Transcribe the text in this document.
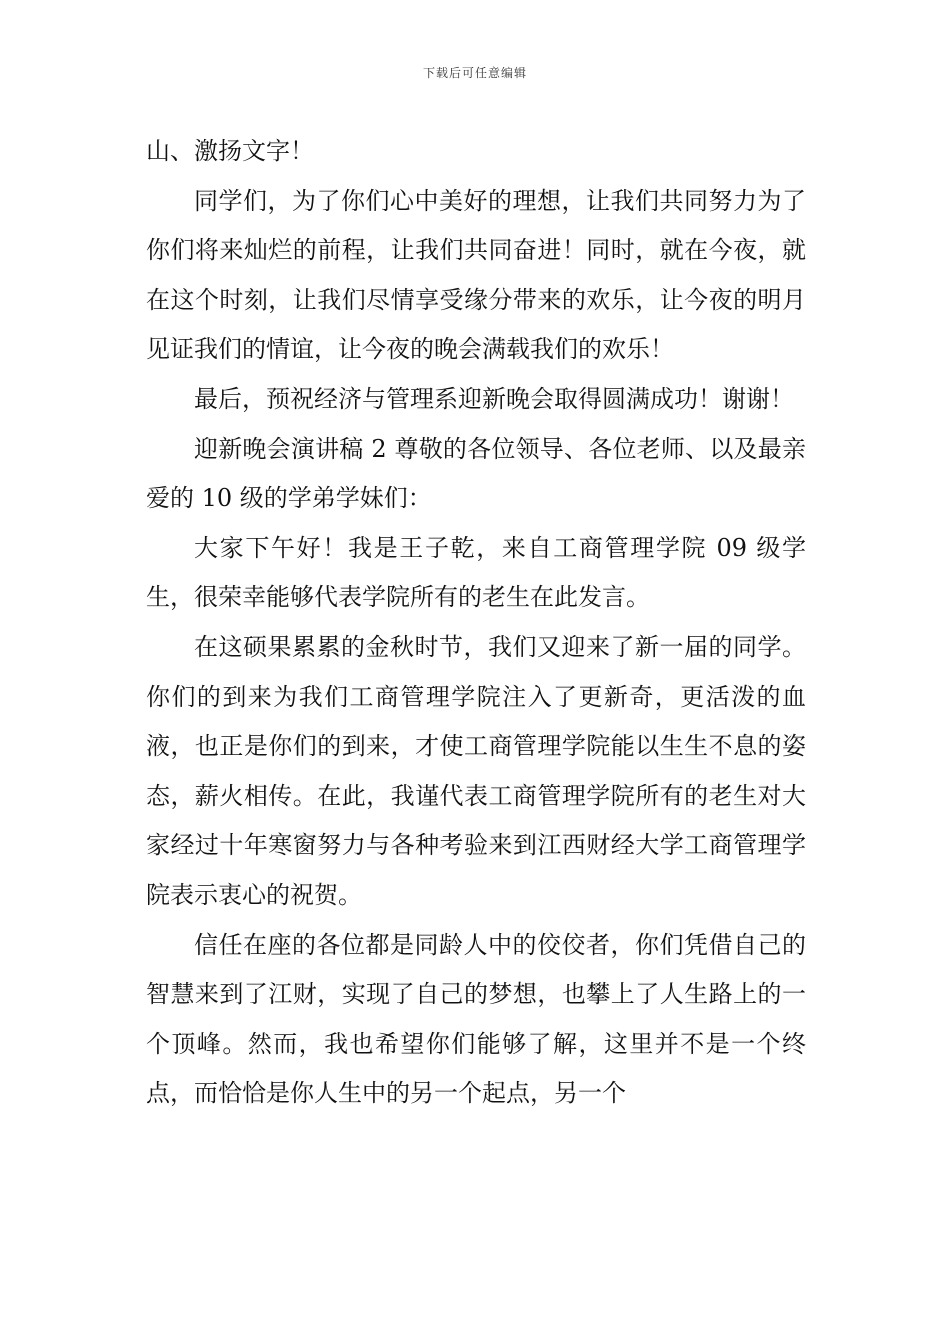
下载后可任意编辑

山、激扬文字！

同学们，为了你们心中美好的理想，让我们共同努力为了你们将来灿烂的前程，让我们共同奋进！同时，就在今夜，就在这个时刻，让我们尽情享受缘分带来的欢乐，让今夜的明月见证我们的情谊，让今夜的晚会满载我们的欢乐！

最后，预祝经济与管理系迎新晚会取得圆满成功！谢谢！

迎新晚会演讲稿 2 尊敬的各位领导、各位老师、以及最亲爱的 10 级的学弟学妹们：

大家下午好！我是王子乾，来自工商管理学院 09 级学生，很荣幸能够代表学院所有的老生在此发言。

在这硕果累累的金秋时节，我们又迎来了新一届的同学。你们的到来为我们工商管理学院注入了更新奇，更活泼的血液，也正是你们的到来，才使工商管理学院能以生生不息的姿态，薪火相传。在此，我谨代表工商管理学院所有的老生对大家经过十年寒窗努力与各种考验来到江西财经大学工商管理学院表示衷心的祝贺。

信任在座的各位都是同龄人中的佼佼者，你们凭借自己的智慧来到了江财，实现了自己的梦想，也攀上了人生路上的一个顶峰。然而，我也希望你们能够了解，这里并不是一个终点，而恰恰是你人生中的另一个起点，另一个
